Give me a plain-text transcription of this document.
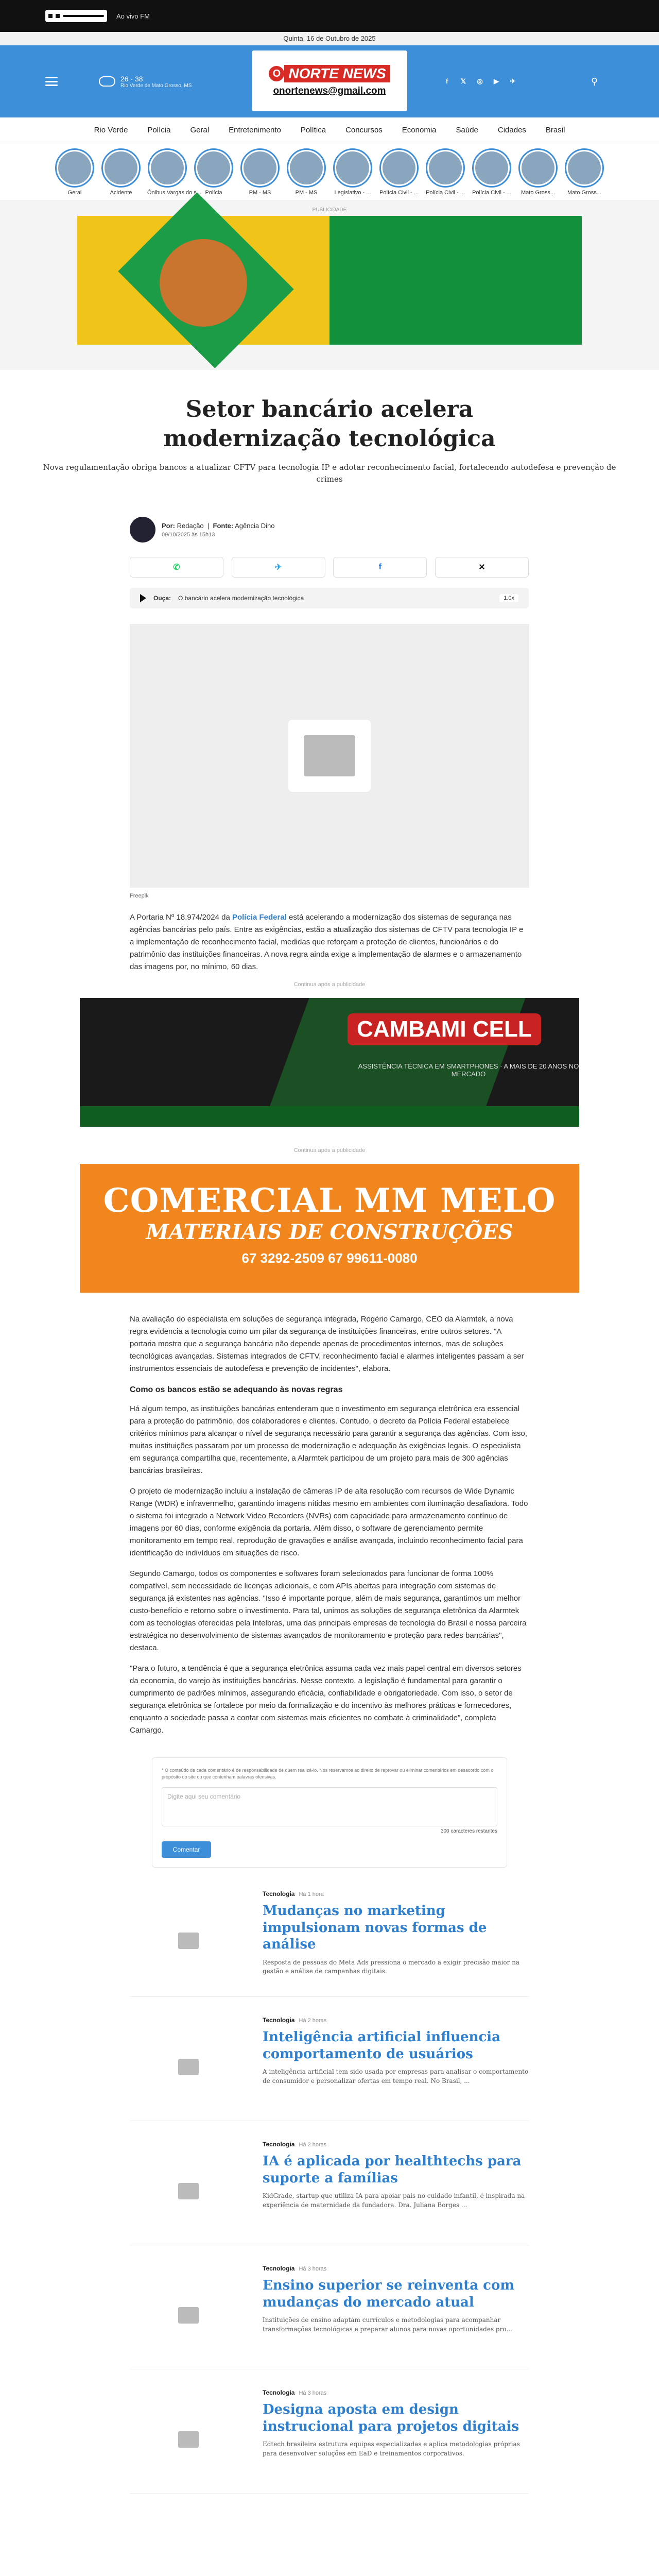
Ao vivo FM
Quinta, 16 de Outubro de 2025
26 · 38
Rio Verde de Mato Grosso, MS
O NORTE NEWS
onortenews@gmail.com
f	𝕏 ◎ ▶ ✈	⚲
Rio Verde	Polícia	Geral	Entretenimento	Política	Concursos	Economia	Saúde	Cidades	Brasil
Geral	Acidente	Ônibus Vargas do s... Polícia	PM - MS	PM - MS	Legislativo - ...	Polícia Civil - ... Polícia Civil - ... Polícia Civil - ...	Mato Gross...	Mato Gross...
PUBLICIDADE
Setor bancário acelera modernização tecnológica

Nova regulamentação obriga bancos a atualizar CFTV para tecnologia IP e adotar reconhecimento facial, fortalecendo autodefesa e prevenção de crimes

Por: Redação  |  Fonte: Agência Dino
09/10/2025 às 15h13
✆	✈	f	✕
Ouça: O bancário acelera modernização tecnológica	1.0x
Freepik

A Portaria Nº 18.974/2024 da Polícia Federal está acelerando a modernização dos sistemas de segurança nas agências bancárias pelo país. Entre as exigências, estão a atualização dos sistemas de CFTV para tecnologia IP e a implementação de reconhecimento facial, medidas que reforçam a proteção de clientes, funcionários e do patrimônio das instituições financeiras. A nova regra ainda exige a implementação de alarmes e o armazenamento das imagens por, no mínimo, 60 dias.

Continua após a publicidade
CAMBAMI CELL
ASSISTÊNCIA TÉCNICA EM SMARTPHONES · A MAIS DE 20 ANOS NO MERCADO
Continua após a publicidade
COMERCIAL MM MELO
MATERIAIS DE CONSTRUÇÕES
67 3292-2509 67 99611-0080

Na avaliação do especialista em soluções de segurança integrada, Rogério Camargo, CEO da Alarmtek, a nova regra evidencia a tecnologia como um pilar da segurança de instituições financeiras, entre outros setores. "A portaria mostra que a segurança bancária não depende apenas de procedimentos internos, mas de soluções tecnológicas avançadas. Sistemas integrados de CFTV, reconhecimento facial e alarmes inteligentes passam a ser instrumentos essenciais de autodefesa e prevenção de incidentes", elabora.

Como os bancos estão se adequando às novas regras

Há algum tempo, as instituições bancárias entenderam que o investimento em segurança eletrônica era essencial para a proteção do patrimônio, dos colaboradores e clientes. Contudo, o decreto da Polícia Federal estabelece critérios mínimos para alcançar o nível de segurança necessário para garantir a segurança das agências. Com isso, muitas instituições passaram por um processo de modernização e adequação às exigências legais. O especialista em segurança compartilha que, recentemente, a Alarmtek participou de um projeto para mais de 300 agências bancárias brasileiras.

O projeto de modernização incluiu a instalação de câmeras IP de alta resolução com recursos de Wide Dynamic Range (WDR) e infravermelho, garantindo imagens nítidas mesmo em ambientes com iluminação desafiadora. Todo o sistema foi integrado a Network Video Recorders (NVRs) com capacidade para armazenamento contínuo de imagens por 60 dias, conforme exigência da portaria. Além disso, o software de gerenciamento permite monitoramento em tempo real, reprodução de gravações e análise avançada, incluindo reconhecimento facial para identificação de indivíduos em situações de risco.

Segundo Camargo, todos os componentes e softwares foram selecionados para funcionar de forma 100% compatível, sem necessidade de licenças adicionais, e com APIs abertas para integração com sistemas de segurança já existentes nas agências. "Isso é importante porque, além de mais segurança, garantimos um melhor custo-benefício e retorno sobre o investimento. Para tal, unimos as soluções de segurança eletrônica da Alarmtek com as tecnologias oferecidas pela Intelbras, uma das principais empresas de tecnologia do Brasil e nossa parceira estratégica no desenvolvimento de sistemas avançados de monitoramento e proteção para redes bancárias", destaca.

"Para o futuro, a tendência é que a segurança eletrônica assuma cada vez mais papel central em diversos setores da economia, do varejo às instituições bancárias. Nesse contexto, a legislação é fundamental para garantir o cumprimento de padrões mínimos, assegurando eficácia, confiabilidade e obrigatoriedade. Com isso, o setor de segurança eletrônica se fortalece por meio da formalização e do incentivo às melhores práticas e fornecedores, enquanto a sociedade passa a contar com sistemas mais eficientes no combate à criminalidade", completa Camargo.

* O conteúdo de cada comentário é de responsabilidade de quem realizá-lo. Nos reservamos ao direito de reprovar ou eliminar comentários em desacordo com o propósito do site ou que contenham palavras ofensivas.
Digite aqui seu comentário
300 caracteres restantes
Comentar
Tecnologia Há 1 hora
Mudanças no marketing impulsionam novas formas de análise
Resposta de pessoas do Meta Ads pressiona o mercado a exigir precisão maior na gestão e análise de campanhas digitais.
Tecnologia Há 2 horas
Inteligência artificial influencia comportamento de usuários
A inteligência artificial tem sido usada por empresas para analisar o comportamento de consumidor e personalizar ofertas em tempo real. No Brasil, ...
Tecnologia Há 2 horas
IA é aplicada por healthtechs para suporte a famílias
KidGrade, startup que utiliza IA para apoiar pais no cuidado infantil, é inspirada na experiência de maternidade da fundadora. Dra. Juliana Borges ...
Tecnologia Há 3 horas
Ensino superior se reinventa com mudanças do mercado atual
Instituições de ensino adaptam currículos e metodologias para acompanhar transformações tecnológicas e preparar alunos para novas oportunidades pro...
Tecnologia Há 3 horas
Designa aposta em design instrucional para projetos digitais
Edtech brasileira estrutura equipes especializadas e aplica metodologias próprias para desenvolver soluções em EaD e treinamentos corporativos.
